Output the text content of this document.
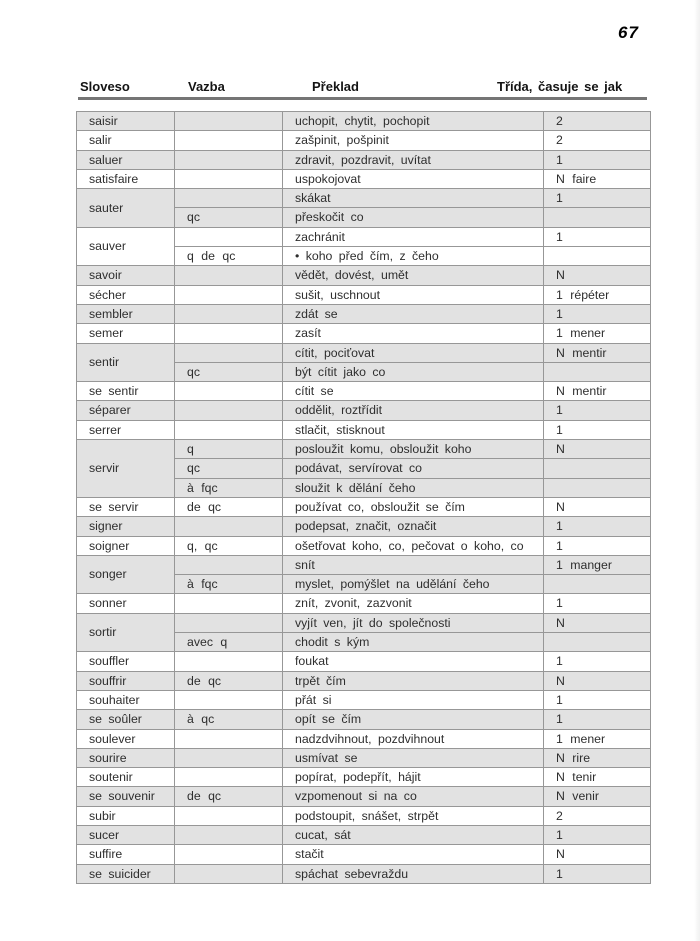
67
Sloveso	Vazba	Překlad	Třída, časuje se jak
saisir		uchopit, chytit, pochopit	2
salir		zašpinit, pošpinit	2
saluer		zdravit, pozdravit, uvítat	1
satisfaire		uspokojovat	N faire
sauter		skákat	1
	qc	přeskočit co	
sauver		zachránit	1
	q de qc	• koho před čím, z čeho	
savoir		vědět, dovést, umět	N
sécher		sušit, uschnout	1 répéter
sembler		zdát se	1
semer		zasít	1 mener
sentir		cítit, pociťovat	N mentir
	qc	být cítit jako co	
se sentir		cítit se	N mentir
séparer		oddělit, roztřídit	1
serrer		stlačit, stisknout	1
servir	q	posloužit komu, obsloužit koho	N
	qc	podávat, servírovat co	
	à fqc	sloužit k dělání čeho	
se servir	de qc	používat co, obsloužit se čím	N
signer		podepsat, značit, označit	1
soigner	q, qc	ošetřovat koho, co, pečovat o koho, co	1
songer		snít	1 manger
	à fqc	myslet, pomýšlet na udělání čeho	
sonner		znít, zvonit, zazvonit	1
sortir		vyjít ven, jít do společnosti	N
	avec q	chodit s kým	
souffler		foukat	1
souffrir	de qc	trpět čím	N
souhaiter		přát si	1
se soûler	à qc	opít se čím	1
soulever		nadzdvihnout, pozdvihnout	1 mener
sourire		usmívat se	N rire
soutenir		popírat, podepřít, hájit	N tenir
se souvenir	de qc	vzpomenout si na co	N venir
subir		podstoupit, snášet, strpět	2
sucer		cucat, sát	1
suffire		stačit	N
se suicider		spáchat sebevraždu	1
